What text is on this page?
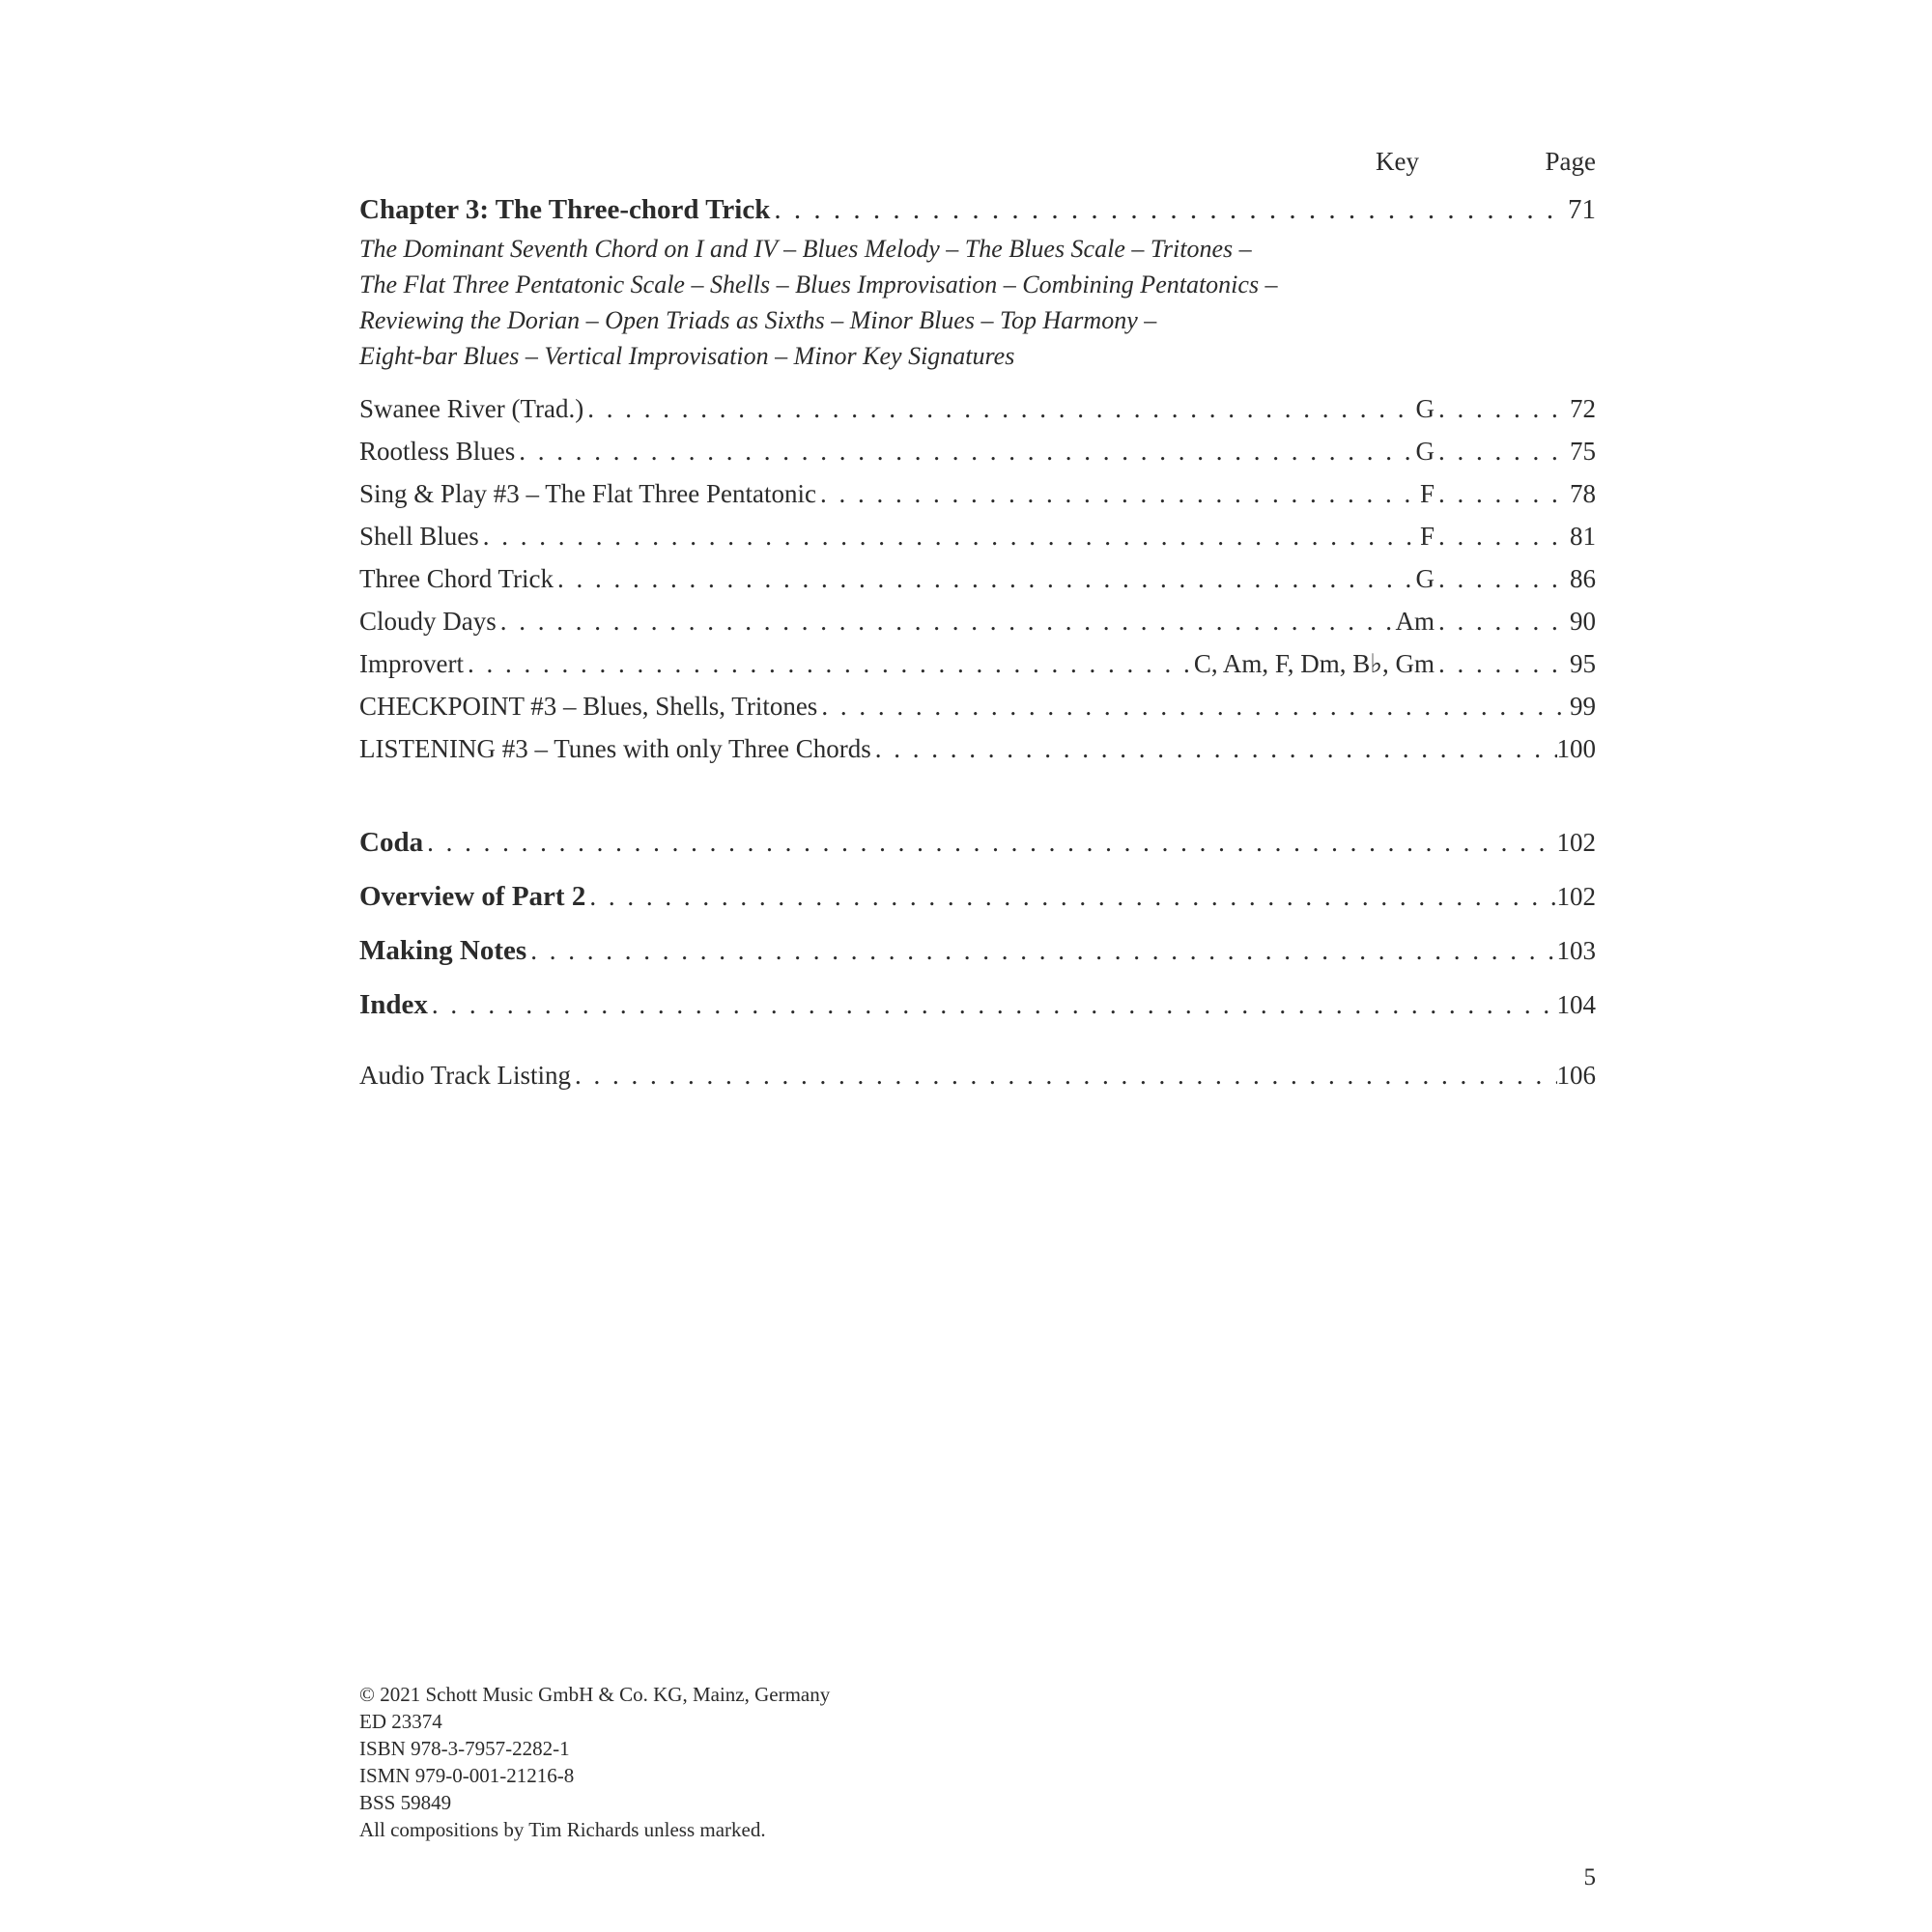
Key	Page
Chapter 3: The Three-chord Trick . . .	71
The Dominant Seventh Chord on I and IV – Blues Melody – The Blues Scale – Tritones –
The Flat Three Pentatonic Scale – Shells – Blues Improvisation – Combining Pentatonics –
Reviewing the Dorian – Open Triads as Sixths – Minor Blues – Top Harmony –
Eight-bar Blues – Vertical Improvisation – Minor Key Signatures
Swanee River (Trad.) . . .	G . . .	72
Rootless Blues . . .	G . . .	75
Sing & Play #3 – The Flat Three Pentatonic . . .	F . . .	78
Shell Blues . . .	F . . .	81
Three Chord Trick . . .	G . . .	86
Cloudy Days . . .	Am . . .	90
Improvert . . .	C, Am, F, Dm, B♭, Gm . . .	95
CHECKPOINT #3 – Blues, Shells, Tritones . . .	99
LISTENING #3 – Tunes with only Three Chords . . .	100
Coda . . .	102
Overview of Part 2 . . .	102
Making Notes . . .	103
Index . . .	104
Audio Track Listing . . .	106
© 2021 Schott Music GmbH & Co. KG, Mainz, Germany
ED 23374
ISBN 978-3-7957-2282-1
ISMN 979-0-001-21216-8
BSS 59849
All compositions by Tim Richards unless marked.
5
